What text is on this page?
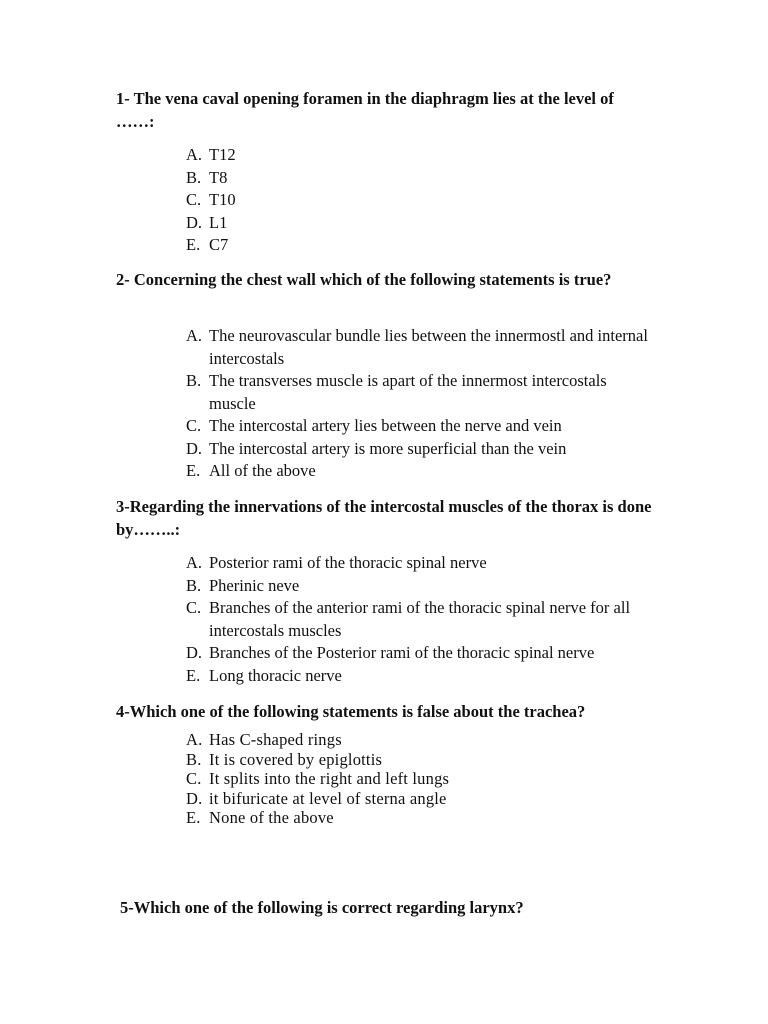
1- The vena caval opening foramen in the diaphragm lies at the level of ……:

A. T12
B. T8
C. T10
D. L1
E. C7

2- Concerning the chest wall which of the following statements is true?

A. The neurovascular bundle lies between the innermostl and internal intercostals
B. The transverses muscle is apart of the innermost intercostals muscle
C. The intercostal artery lies between the nerve and vein
D. The intercostal artery is more superficial than the vein
E. All of the above

3-Regarding the innervations of the intercostal muscles of the thorax is done by……..:

A. Posterior rami of the thoracic spinal nerve
B. Pherinic neve
C. Branches of the anterior rami of the thoracic spinal nerve for all intercostals muscles
D. Branches of the Posterior rami of the thoracic spinal nerve
E. Long thoracic nerve

4-Which one of the following statements is false about the trachea?

A. Has C-shaped rings
B. It is covered by epiglottis
C. It splits into the right and left lungs
D. it bifuricate at level of sterna angle
E. None of the above

5-Which one of the following is correct regarding larynx?
